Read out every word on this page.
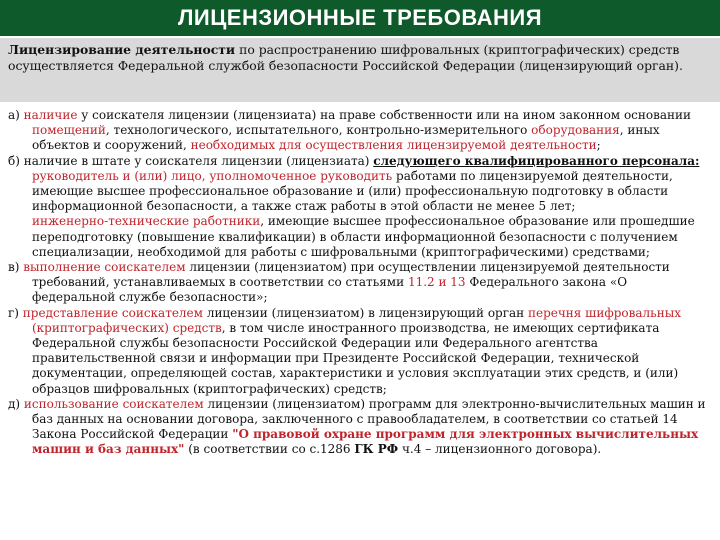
ЛИЦЕНЗИОННЫЕ ТРЕБОВАНИЯ
Лицензирование деятельности по распространению шифровальных (криптографических) средств осуществляется Федеральной службой безопасности Российской Федерации (лицензирующий орган).

а) наличие у соискателя лицензии (лицензиата) на праве собственности или на ином законном основании помещений, технологического, испытательного, контрольно-измерительного оборудования, иных объектов и сооружений, необходимых для осуществления лицензируемой деятельности;

б) наличие в штате у соискателя лицензии (лицензиата) следующего квалифицированного персонала:

руководитель и (или) лицо, уполномоченное руководить работами по лицензируемой деятельности, имеющие высшее профессиональное образование и (или) профессиональную подготовку в области информационной безопасности, а также стаж работы в этой области не менее 5 лет;

инженерно-технические работники, имеющие высшее профессиональное образование или прошедшие переподготовку (повышение квалификации) в области информационной безопасности с получением специализации, необходимой для работы с шифровальными (криптографическими) средствами;

в) выполнение соискателем лицензии (лицензиатом) при осуществлении лицензируемой деятельности требований, устанавливаемых в соответствии со статьями 11.2 и 13 Федерального закона «О федеральной службе безопасности»;

г) представление соискателем лицензии (лицензиатом) в лицензирующий орган перечня шифровальных (криптографических) средств, в том числе иностранного производства, не имеющих сертификата Федеральной службы безопасности Российской Федерации или Федерального агентства правительственной связи и информации при Президенте Российской Федерации, технической документации, определяющей состав, характеристики и условия эксплуатации этих средств, и (или) образцов шифровальных (криптографических) средств;

д) использование соискателем лицензии (лицензиатом) программ для электронно-вычислительных машин и баз данных на основании договора, заключенного с правообладателем, в соответствии со статьей 14 Закона Российской Федерации "О правовой охране программ для электронных вычислительных машин и баз данных" (в соответствии со с.1286 ГК РФ ч.4 – лицензионного договора).
